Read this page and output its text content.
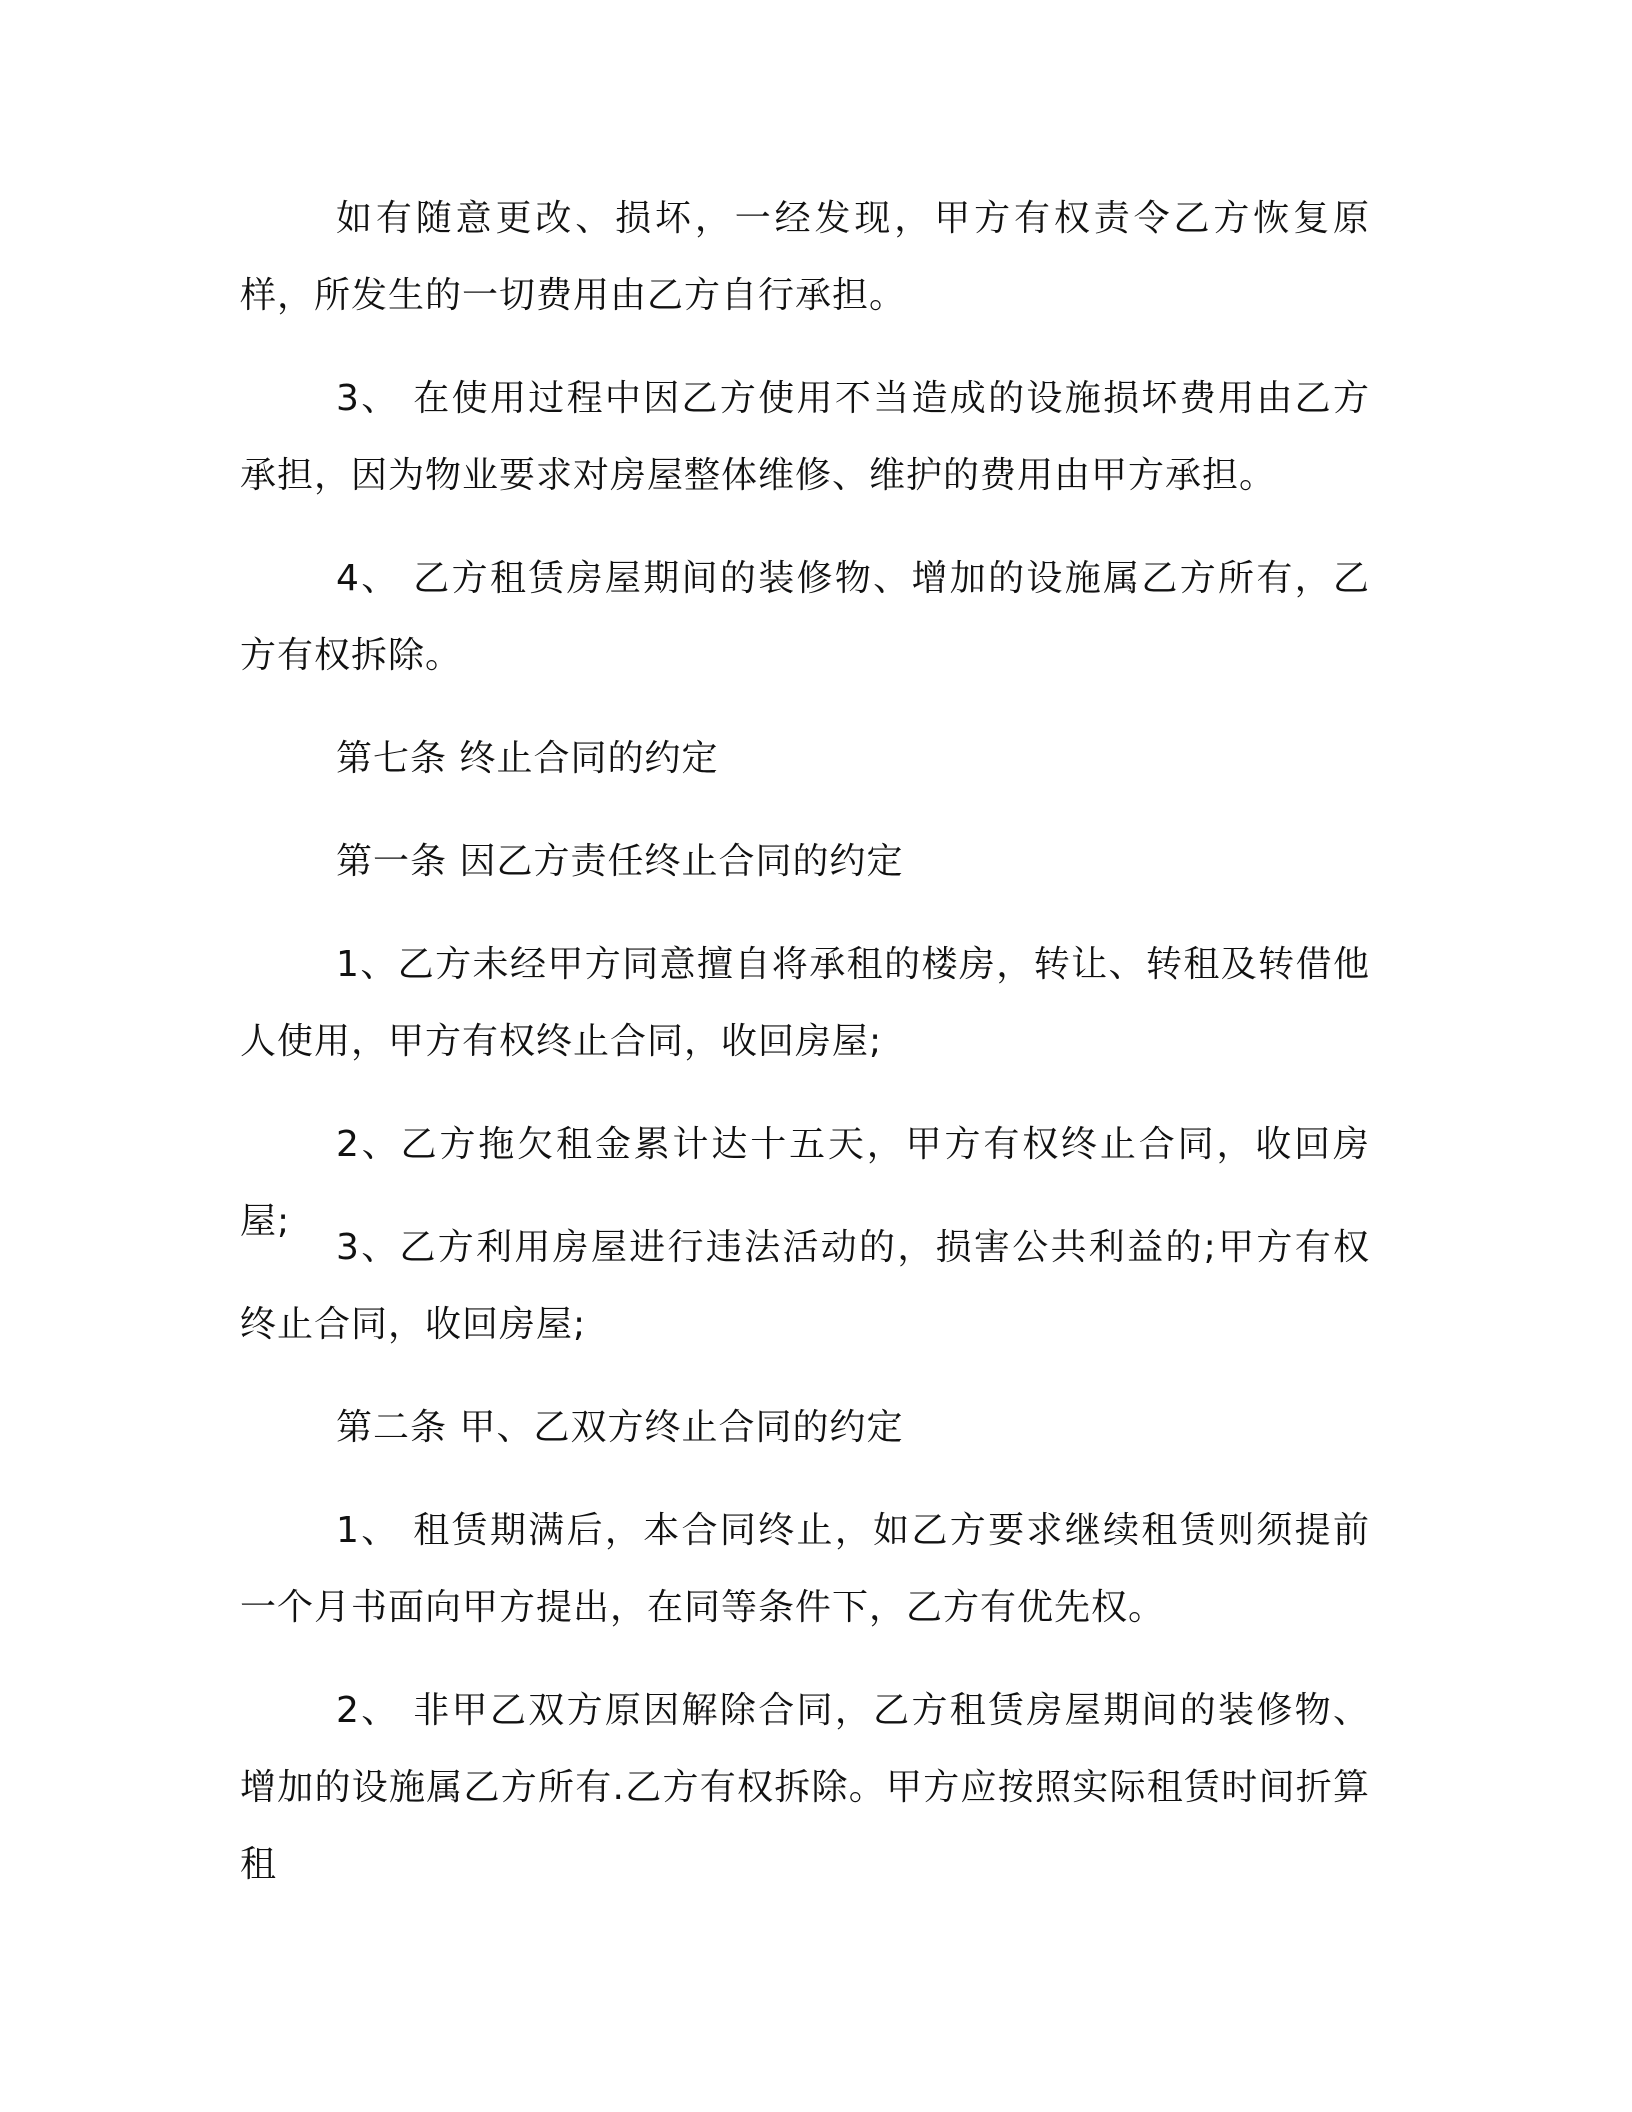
如有随意更改、损坏，一经发现，甲方有权责令乙方恢复原样，所发生的一切费用由乙方自行承担。

3、 在使用过程中因乙方使用不当造成的设施损坏费用由乙方承担，因为物业要求对房屋整体维修、维护的费用由甲方承担。

4、 乙方租赁房屋期间的装修物、增加的设施属乙方所有，乙方有权拆除。

第七条 终止合同的约定

第一条 因乙方责任终止合同的约定

1、乙方未经甲方同意擅自将承租的楼房，转让、转租及转借他人使用，甲方有权终止合同，收回房屋;

2、乙方拖欠租金累计达十五天，甲方有权终止合同，收回房屋;

3、乙方利用房屋进行违法活动的，损害公共利益的;甲方有权终止合同，收回房屋;

第二条 甲、乙双方终止合同的约定

1、 租赁期满后，本合同终止，如乙方要求继续租赁则须提前一个月书面向甲方提出，在同等条件下，乙方有优先权。

2、 非甲乙双方原因解除合同，乙方租赁房屋期间的装修物、增加的设施属乙方所有.乙方有权拆除。甲方应按照实际租赁时间折算租
